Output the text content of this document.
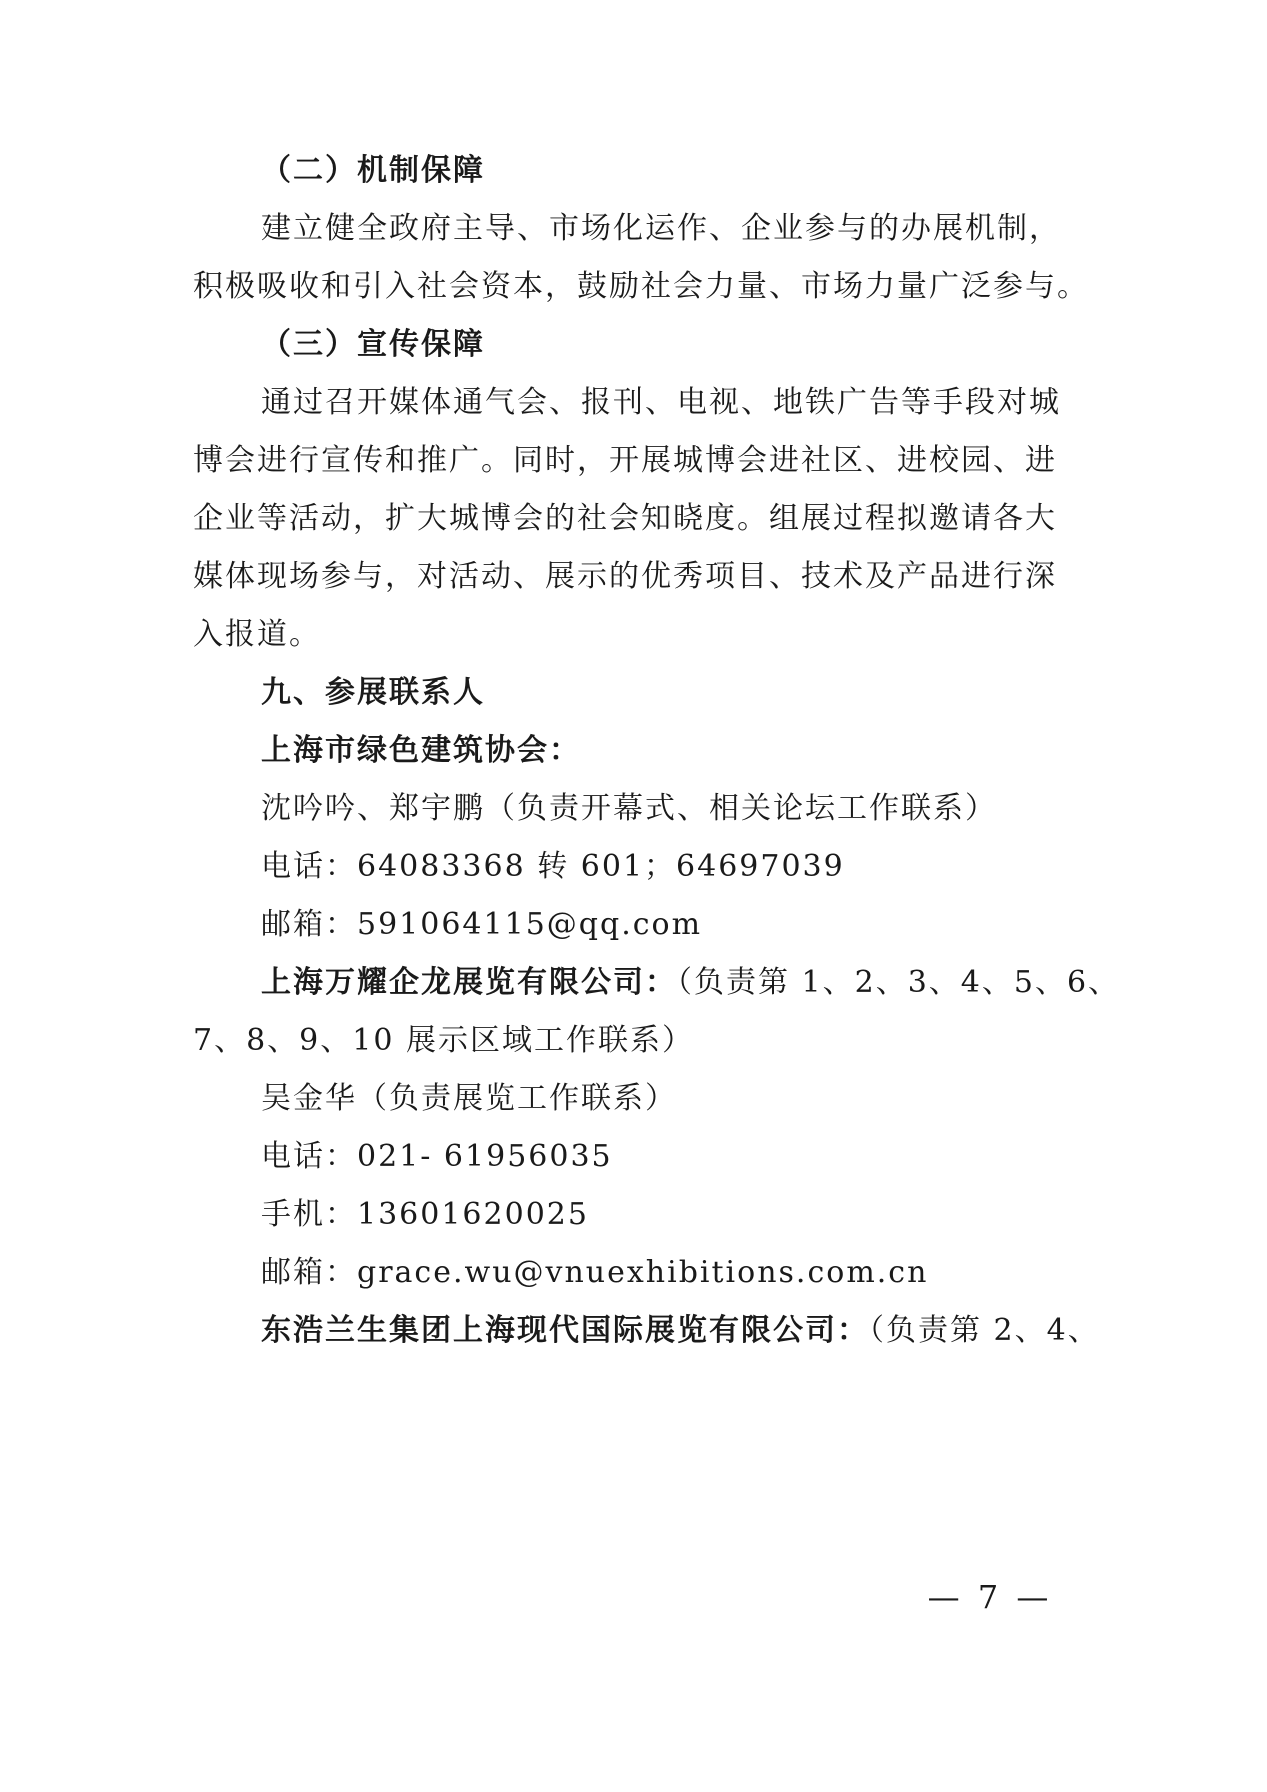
（二）机制保障
建立健全政府主导、市场化运作、企业参与的办展机制，
积极吸收和引入社会资本，鼓励社会力量、市场力量广泛参与。
（三）宣传保障
通过召开媒体通气会、报刊、电视、地铁广告等手段对城
博会进行宣传和推广。同时，开展城博会进社区、进校园、进
企业等活动，扩大城博会的社会知晓度。组展过程拟邀请各大
媒体现场参与，对活动、展示的优秀项目、技术及产品进行深
入报道。
九、参展联系人
上海市绿色建筑协会：
沈吟吟、郑宇鹏（负责开幕式、相关论坛工作联系）
电话：64083368 转 601；64697039
邮箱：591064115@qq.com
上海万耀企龙展览有限公司：（负责第 1、2、3、4、5、6、
7、8、9、10 展示区域工作联系）
吴金华（负责展览工作联系）
电话：021- 61956035
手机：13601620025
邮箱：grace.wu@vnuexhibitions.com.cn
东浩兰生集团上海现代国际展览有限公司：（负责第 2、4、
— 7 —
